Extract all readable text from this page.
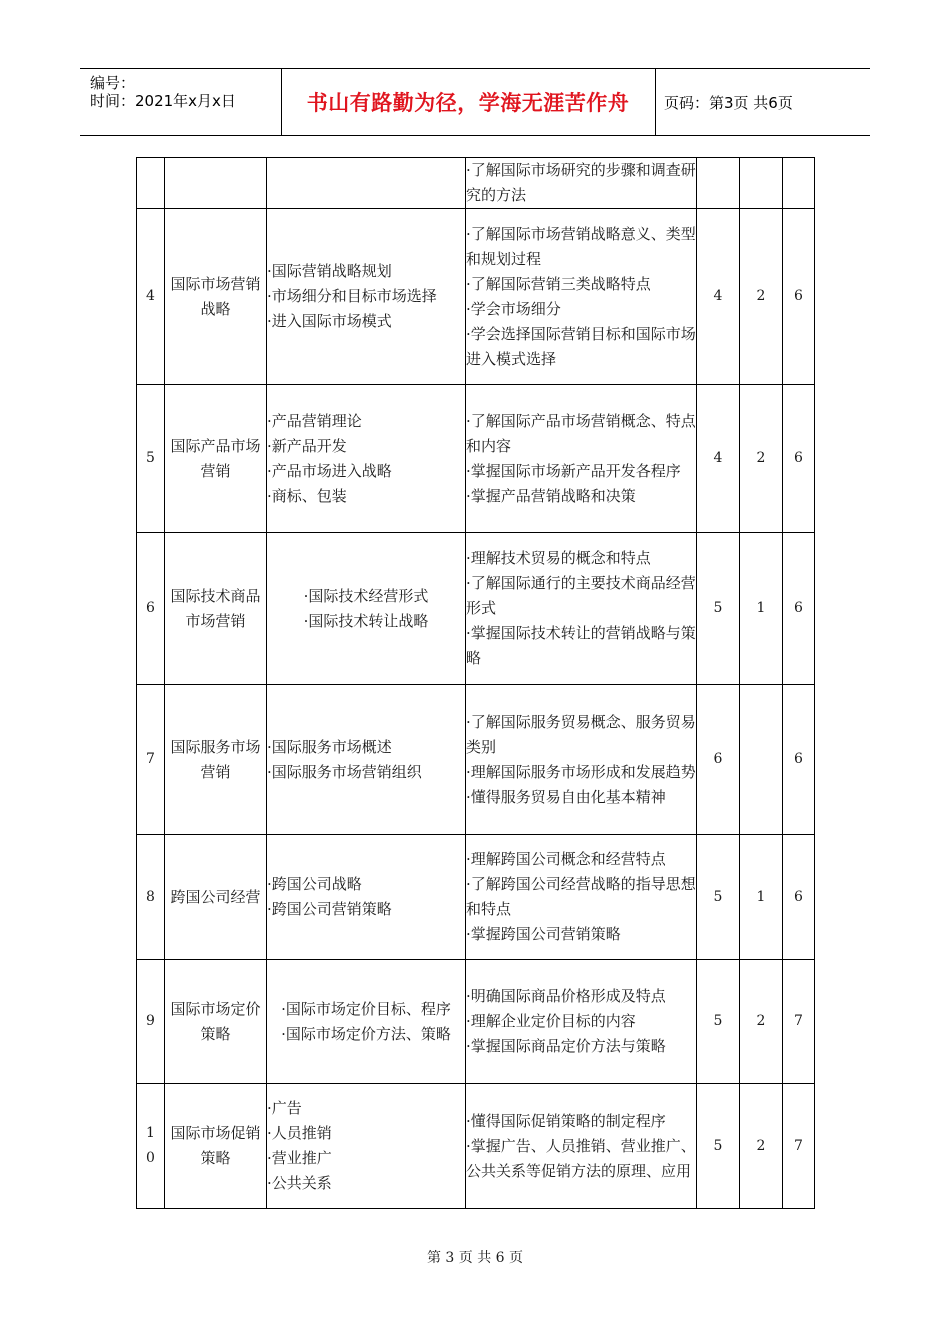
编号：
时间：2021年x月x日	书山有路勤为径，学海无涯苦作舟	页码：第3页 共6页

			·了解国际市场研究的步骤和调查研究的方法			

4	国际市场营销战略	·国际营销战略规划
·市场细分和目标市场选择
·进入国际市场模式	·了解国际市场营销战略意义、类型和规划过程
·了解国际营销三类战略特点
·学会市场细分
·学会选择国际营销目标和国际市场进入模式选择	4	2	6
5	国际产品市场营销	·产品营销理论
·新产品开发
·产品市场进入战略
·商标、包装	·了解国际产品市场营销概念、特点和内容
·掌握国际市场新产品开发各程序
·掌握产品营销战略和决策	4	2	6
6	国际技术商品市场营销	·国际技术经营形式
·国际技术转让战略	·理解技术贸易的概念和特点
·了解国际通行的主要技术商品经营形式
·掌握国际技术转让的营销战略与策略	5	1	6
7	国际服务市场营销	·国际服务市场概述
·国际服务市场营销组织	·了解国际服务贸易概念、服务贸易类别
·理解国际服务市场形成和发展趋势
·懂得服务贸易自由化基本精神	6		6
8	跨国公司经营	·跨国公司战略
·跨国公司营销策略	·理解跨国公司概念和经营特点
·了解跨国公司经营战略的指导思想和特点
·掌握跨国公司营销策略	5	1	6
9	国际市场定价策略	·国际市场定价目标、程序
·国际市场定价方法、策略	·明确国际商品价格形成及特点
·理解企业定价目标的内容
·掌握国际商品定价方法与策略	5	2	7
10	国际市场促销策略	·广告
·人员推销
·营业推广
·公共关系	·懂得国际促销策略的制定程序
·掌握广告、人员推销、营业推广、公共关系等促销方法的原理、应用	5	2	7
第 3 页 共 6 页
